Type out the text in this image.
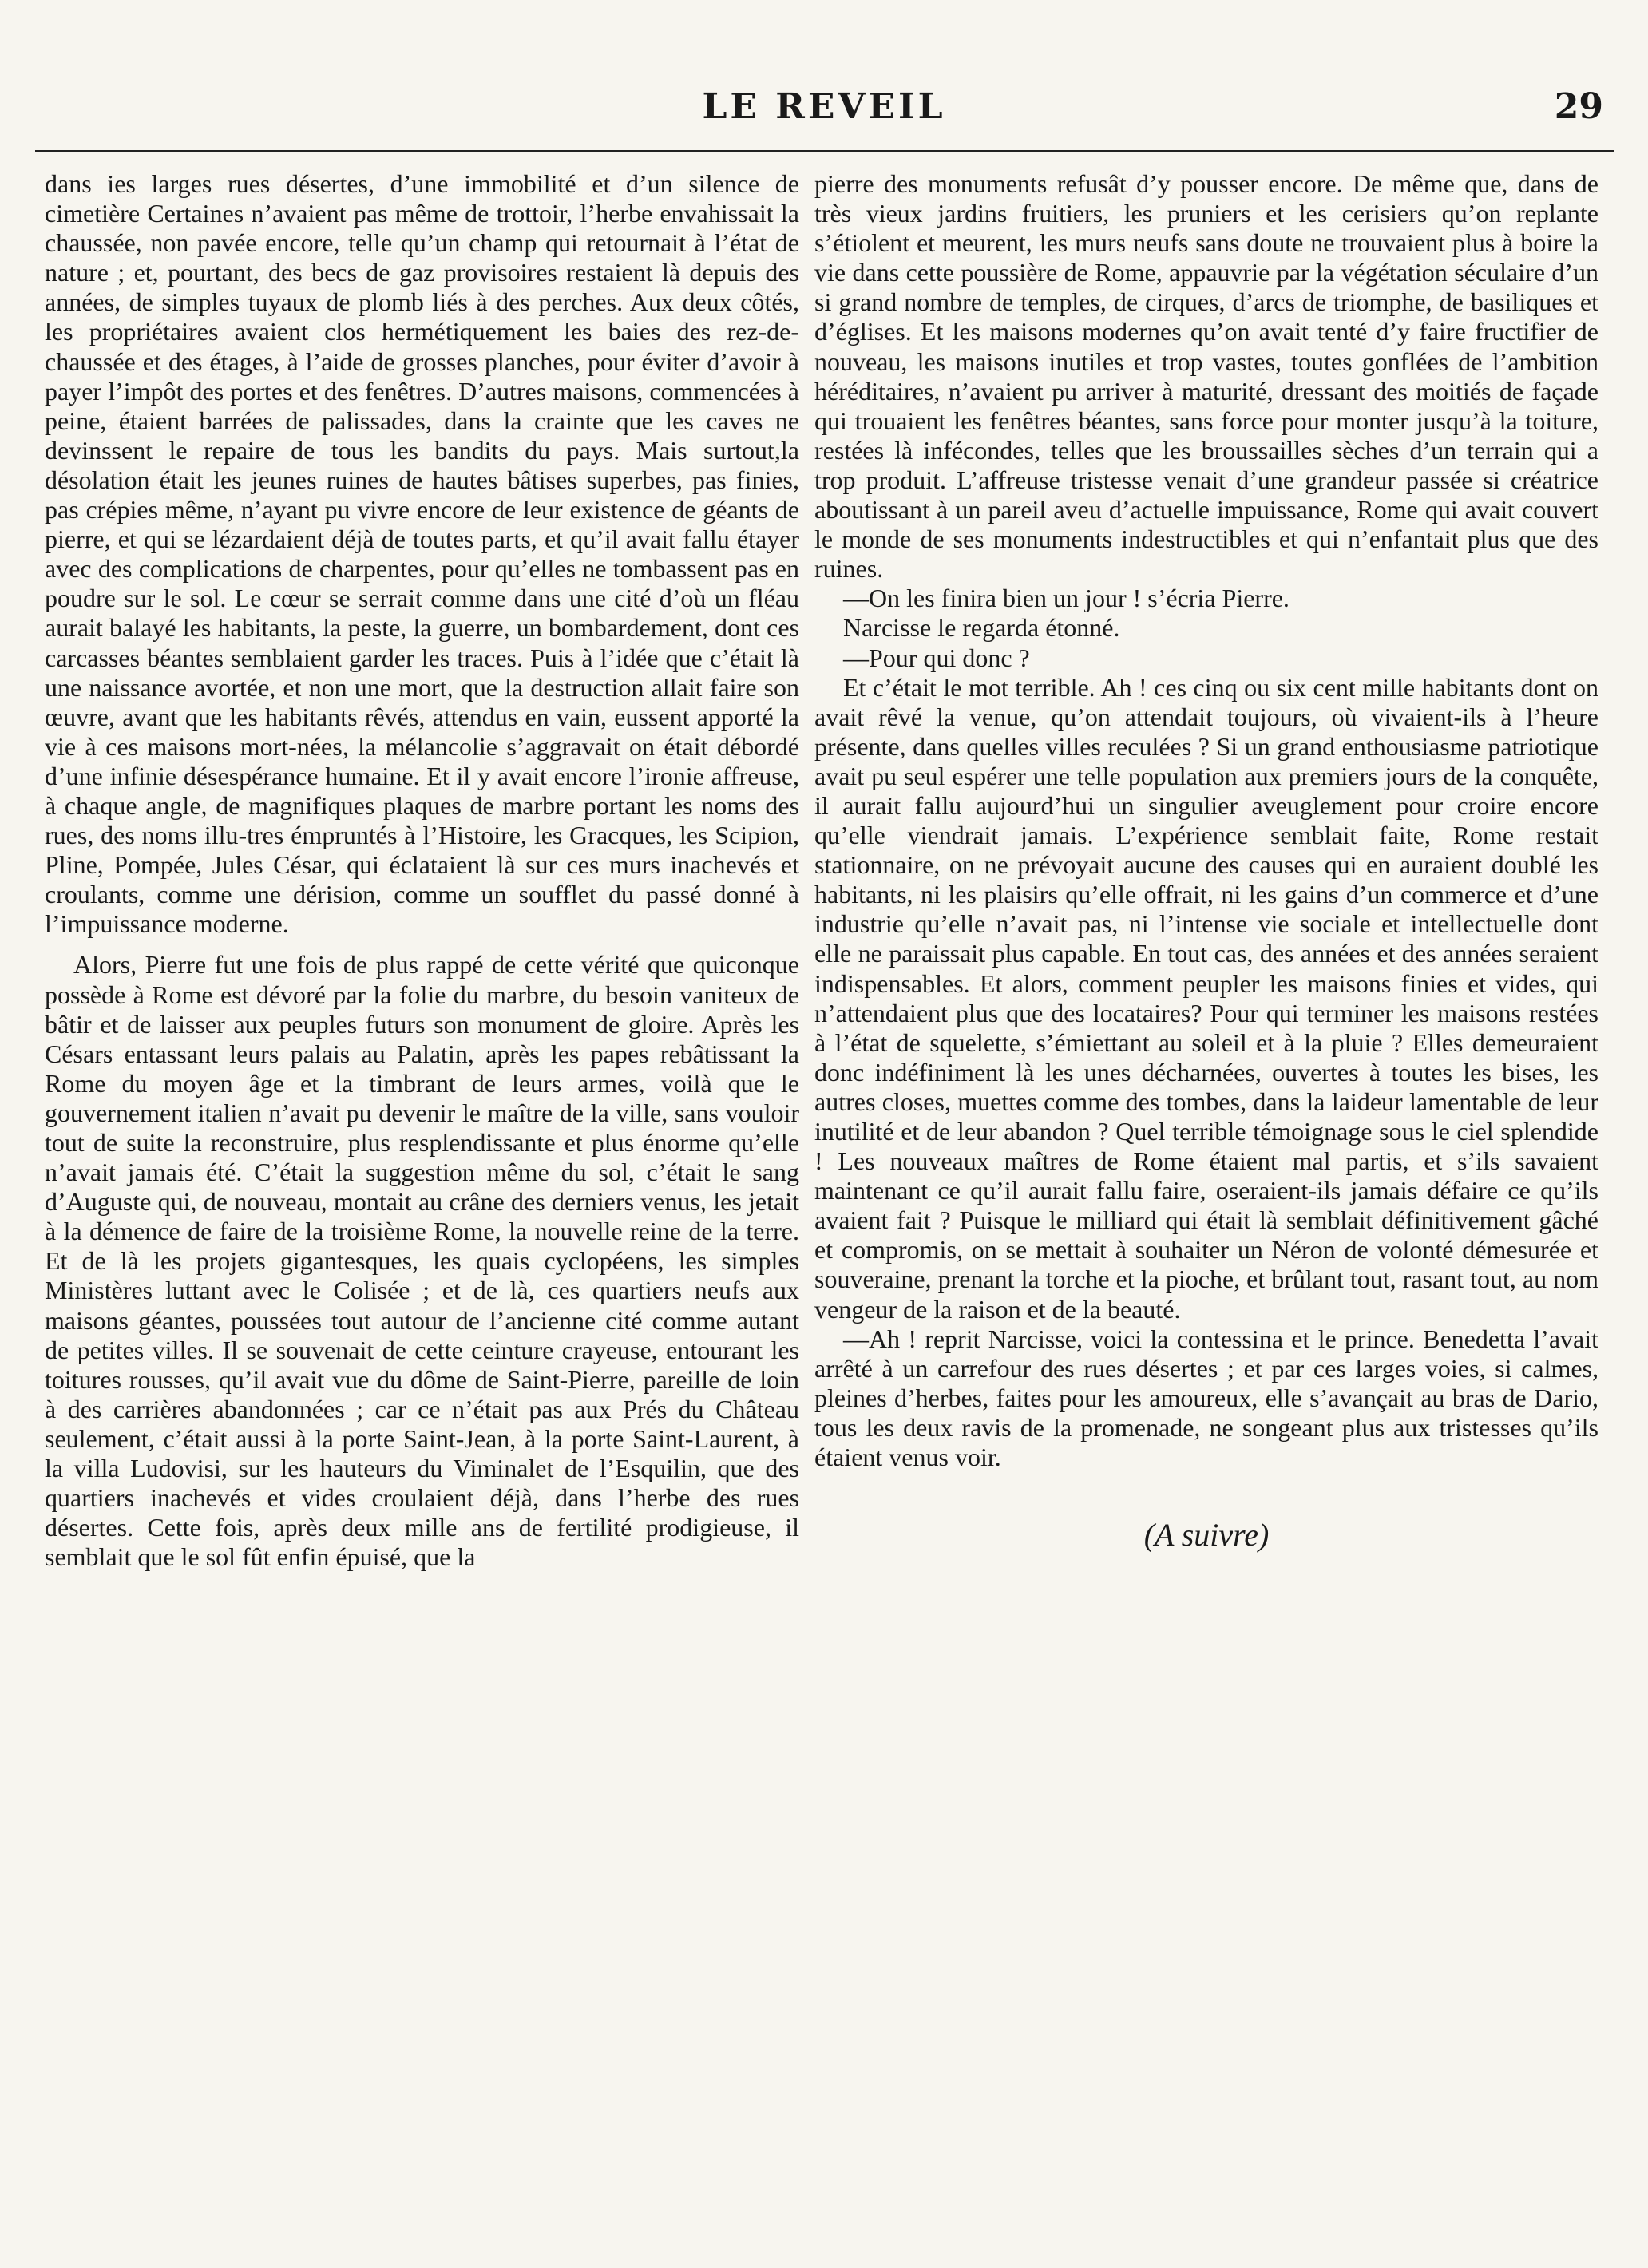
LE REVEIL	29

dans ies larges rues désertes, d’une immobilité et d’un silence de cimetière Certaines n’avaient pas même de trottoir, l’herbe envahissait la chaussée, non pavée encore, telle qu’un champ qui retournait à l’état de nature ; et, pourtant, des becs de gaz provisoires restaient là depuis des années, de simples tuyaux de plomb liés à des perches. Aux deux côtés, les propriétaires avaient clos hermétiquement les baies des rez-de-chaussée et des étages, à l’aide de grosses planches, pour éviter d’avoir à payer l’impôt des portes et des fenêtres. D’autres maisons, commencées à peine, étaient barrées de palissades, dans la crainte que les caves ne devinssent le repaire de tous les bandits du pays. Mais surtout,la désolation était les jeunes ruines de hautes bâtises superbes, pas finies, pas crépies même, n’ayant pu vivre encore de leur existence de géants de pierre, et qui se lézardaient déjà de toutes parts, et qu’il avait fallu étayer avec des complications de charpentes, pour qu’elles ne tombassent pas en poudre sur le sol. Le cœur se serrait comme dans une cité d’où un fléau aurait balayé les habitants, la peste, la guerre, un bombardement, dont ces carcasses béantes semblaient garder les traces. Puis à l’idée que c’était là une naissance avortée, et non une mort, que la destruction allait faire son œuvre, avant que les habitants rêvés, attendus en vain, eussent apporté la vie à ces maisons mort-nées, la mélancolie s’aggravait on était débordé d’une infinie désespérance humaine. Et il y avait encore l’ironie affreuse, à chaque angle, de magnifiques plaques de marbre portant les noms des rues, des noms illu-tres émpruntés à l’Histoire, les Gracques, les Scipion, Pline, Pompée, Jules César, qui éclataient là sur ces murs inachevés et croulants, comme une dérision, comme un soufflet du passé donné à l’impuissance moderne.

Alors, Pierre fut une fois de plus rappé de cette vérité que quiconque possède à Rome est dévoré par la folie du marbre, du besoin vaniteux de bâtir et de laisser aux peuples futurs son monument de gloire. Après les Césars entassant leurs palais au Palatin, après les papes rebâtissant la Rome du moyen âge et la timbrant de leurs armes, voilà que le gouvernement italien n’avait pu devenir le maître de la ville, sans vouloir tout de suite la reconstruire, plus resplendissante et plus énorme qu’elle n’avait jamais été. C’était la suggestion même du sol, c’était le sang d’Auguste qui, de nouveau, montait au crâne des derniers venus, les jetait à la démence de faire de la troisième Rome, la nouvelle reine de la terre. Et de là les projets gigantesques, les quais cyclopéens, les simples Ministères luttant avec le Colisée ; et de là, ces quartiers neufs aux maisons géantes, poussées tout autour de l’ancienne cité comme autant de petites villes. Il se souvenait de cette ceinture crayeuse, entourant les toitures rousses, qu’il avait vue du dôme de Saint-Pierre, pareille de loin à des carrières abandonnées ; car ce n’était pas aux Prés du Château seulement, c’était aussi à la porte Saint-Jean, à la porte Saint-Laurent, à la villa Ludovisi, sur les hauteurs du Viminalet de l’Esquilin, que des quartiers inachevés et vides croulaient déjà, dans l’herbe des rues désertes. Cette fois, après deux mille ans de fertilité prodigieuse, il semblait que le sol fût enfin épuisé, que la

pierre des monuments refusât d’y pousser encore. De même que, dans de très vieux jardins fruitiers, les pruniers et les cerisiers qu’on replante s’étiolent et meurent, les murs neufs sans doute ne trouvaient plus à boire la vie dans cette poussière de Rome, appauvrie par la végétation séculaire d’un si grand nombre de temples, de cirques, d’arcs de triomphe, de basiliques et d’églises. Et les maisons modernes qu’on avait tenté d’y faire fructifier de nouveau, les maisons inutiles et trop vastes, toutes gonflées de l’ambition héréditaires, n’avaient pu arriver à maturité, dressant des moitiés de façade qui trouaient les fenêtres béantes, sans force pour monter jusqu’à la toiture, restées là infécondes, telles que les broussailles sèches d’un terrain qui a trop produit. L’affreuse tristesse venait d’une grandeur passée si créatrice aboutissant à un pareil aveu d’actuelle impuissance, Rome qui avait couvert le monde de ses monuments indestructibles et qui n’enfantait plus que des ruines.

—On les finira bien un jour ! s’écria Pierre.

Narcisse le regarda étonné.

—Pour qui donc ?

Et c’était le mot terrible. Ah ! ces cinq ou six cent mille habitants dont on avait rêvé la venue, qu’on attendait toujours, où vivaient-ils à l’heure présente, dans quelles villes reculées ? Si un grand enthousiasme patriotique avait pu seul espérer une telle population aux premiers jours de la conquête, il aurait fallu aujourd’hui un singulier aveuglement pour croire encore qu’elle viendrait jamais. L’expérience semblait faite, Rome restait stationnaire, on ne prévoyait aucune des causes qui en auraient doublé les habitants, ni les plaisirs qu’elle offrait, ni les gains d’un commerce et d’une industrie qu’elle n’avait pas, ni l’intense vie sociale et intellectuelle dont elle ne paraissait plus capable. En tout cas, des années et des années seraient indispensables. Et alors, comment peupler les maisons finies et vides, qui n’attendaient plus que des locataires? Pour qui terminer les maisons restées à l’état de squelette, s’émiettant au soleil et à la pluie ? Elles demeuraient donc indéfiniment là les unes décharnées, ouvertes à toutes les bises, les autres closes, muettes comme des tombes, dans la laideur lamentable de leur inutilité et de leur abandon ? Quel terrible témoignage sous le ciel splendide ! Les nouveaux maîtres de Rome étaient mal partis, et s’ils savaient maintenant ce qu’il aurait fallu faire, oseraient-ils jamais défaire ce qu’ils avaient fait ? Puisque le milliard qui était là semblait définitivement gâché et compromis, on se mettait à souhaiter un Néron de volonté démesurée et souveraine, prenant la torche et la pioche, et brûlant tout, rasant tout, au nom vengeur de la raison et de la beauté.

—Ah ! reprit Narcisse, voici la contessina et le prince. Benedetta l’avait arrêté à un carrefour des rues désertes ; et par ces larges voies, si calmes, pleines d’herbes, faites pour les amoureux, elle s’avançait au bras de Dario, tous les deux ravis de la promenade, ne songeant plus aux tristesses qu’ils étaient venus voir.

(A suivre)
